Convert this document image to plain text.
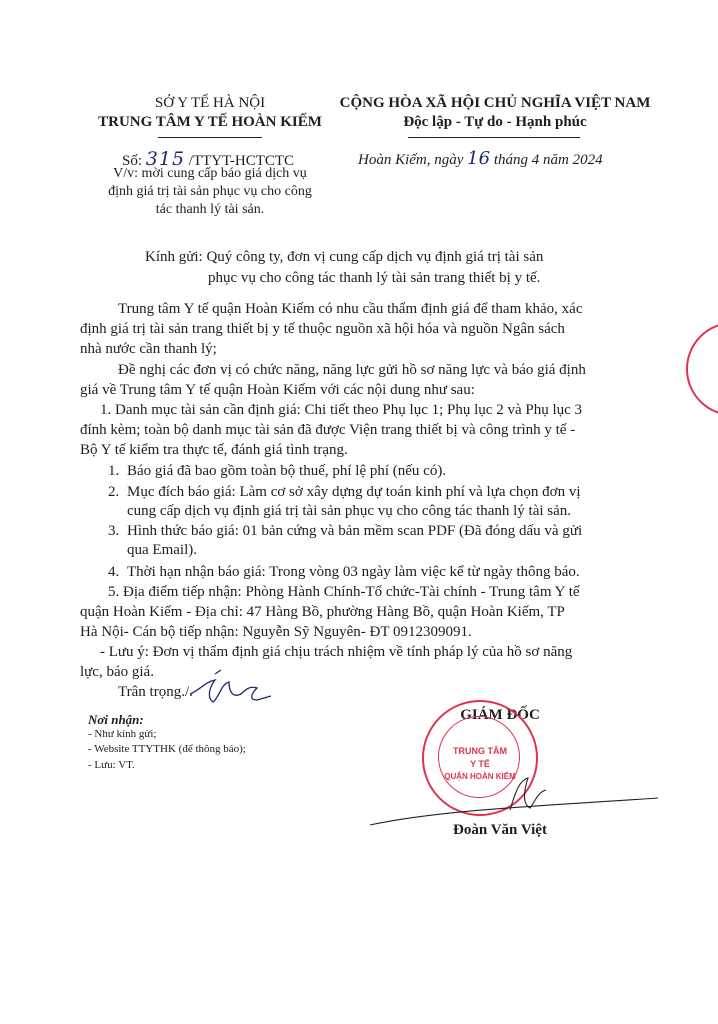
SỞ Y TẾ HÀ NỘI
TRUNG TÂM Y TẾ HOÀN KIẾM
CỘNG HÒA XÃ HỘI CHỦ NGHĨA VIỆT NAM
Độc lập - Tự do - Hạnh phúc
Số: 315 /TTYT-HCTCTC
V/v: mời cung cấp báo giá dịch vụ
định giá trị tài sản phục vụ cho công
tác thanh lý tài sản.
Hoàn Kiếm, ngày 16 tháng 4 năm 2024
Kính gửi: Quý công ty, đơn vị cung cấp dịch vụ định giá trị tài sản
phục vụ cho công tác thanh lý tài sản trang thiết bị y tế.
Trung tâm Y tế quận Hoàn Kiếm có nhu cầu thẩm định giá để tham khảo, xác
định giá trị tài sản trang thiết bị y tế thuộc nguồn xã hội hóa và nguồn Ngân sách
nhà nước cần thanh lý;
Đề nghị các đơn vị có chức năng, năng lực gửi hồ sơ năng lực và báo giá định
giá về Trung tâm Y tế quận Hoàn Kiếm với các nội dung như sau:
1. Danh mục tài sản cần định giá: Chi tiết theo Phụ lục 1; Phụ lục 2 và Phụ lục 3
đính kèm; toàn bộ danh mục tài sản đã được Viện trang thiết bị và công trình y tế -
Bộ Y tế kiểm tra thực tế, đánh giá tình trạng.
1. Báo giá đã bao gồm toàn bộ thuế, phí lệ phí (nếu có).
2. Mục đích báo giá: Làm cơ sở xây dựng dự toán kinh phí và lựa chọn đơn vị
cung cấp dịch vụ định giá trị tài sản phục vụ cho công tác thanh lý tài sản.
3. Hình thức báo giá: 01 bản cứng và bản mềm scan PDF (Đã đóng dấu và gửi
qua Email).
4. Thời hạn nhận báo giá: Trong vòng 03 ngày làm việc kể từ ngày thông báo.
5. Địa điểm tiếp nhận: Phòng Hành Chính-Tổ chức-Tài chính - Trung tâm Y tế
quận Hoàn Kiếm - Địa chỉ: 47 Hàng Bồ, phường Hàng Bồ, quận Hoàn Kiếm, TP
Hà Nội- Cán bộ tiếp nhận: Nguyễn Sỹ Nguyên- ĐT 0912309091.
- Lưu ý: Đơn vị thẩm định giá chịu trách nhiệm về tính pháp lý của hồ sơ năng
lực, báo giá.
Trân trọng./.
Nơi nhận:
- Như kính gửi;
- Website TTYTHK (để thông báo);
- Lưu: VT.
GIÁM ĐỐC
TRUNG TÂM
Y TẾ
QUẬN HOÀN KIẾM
Đoàn Văn Việt
